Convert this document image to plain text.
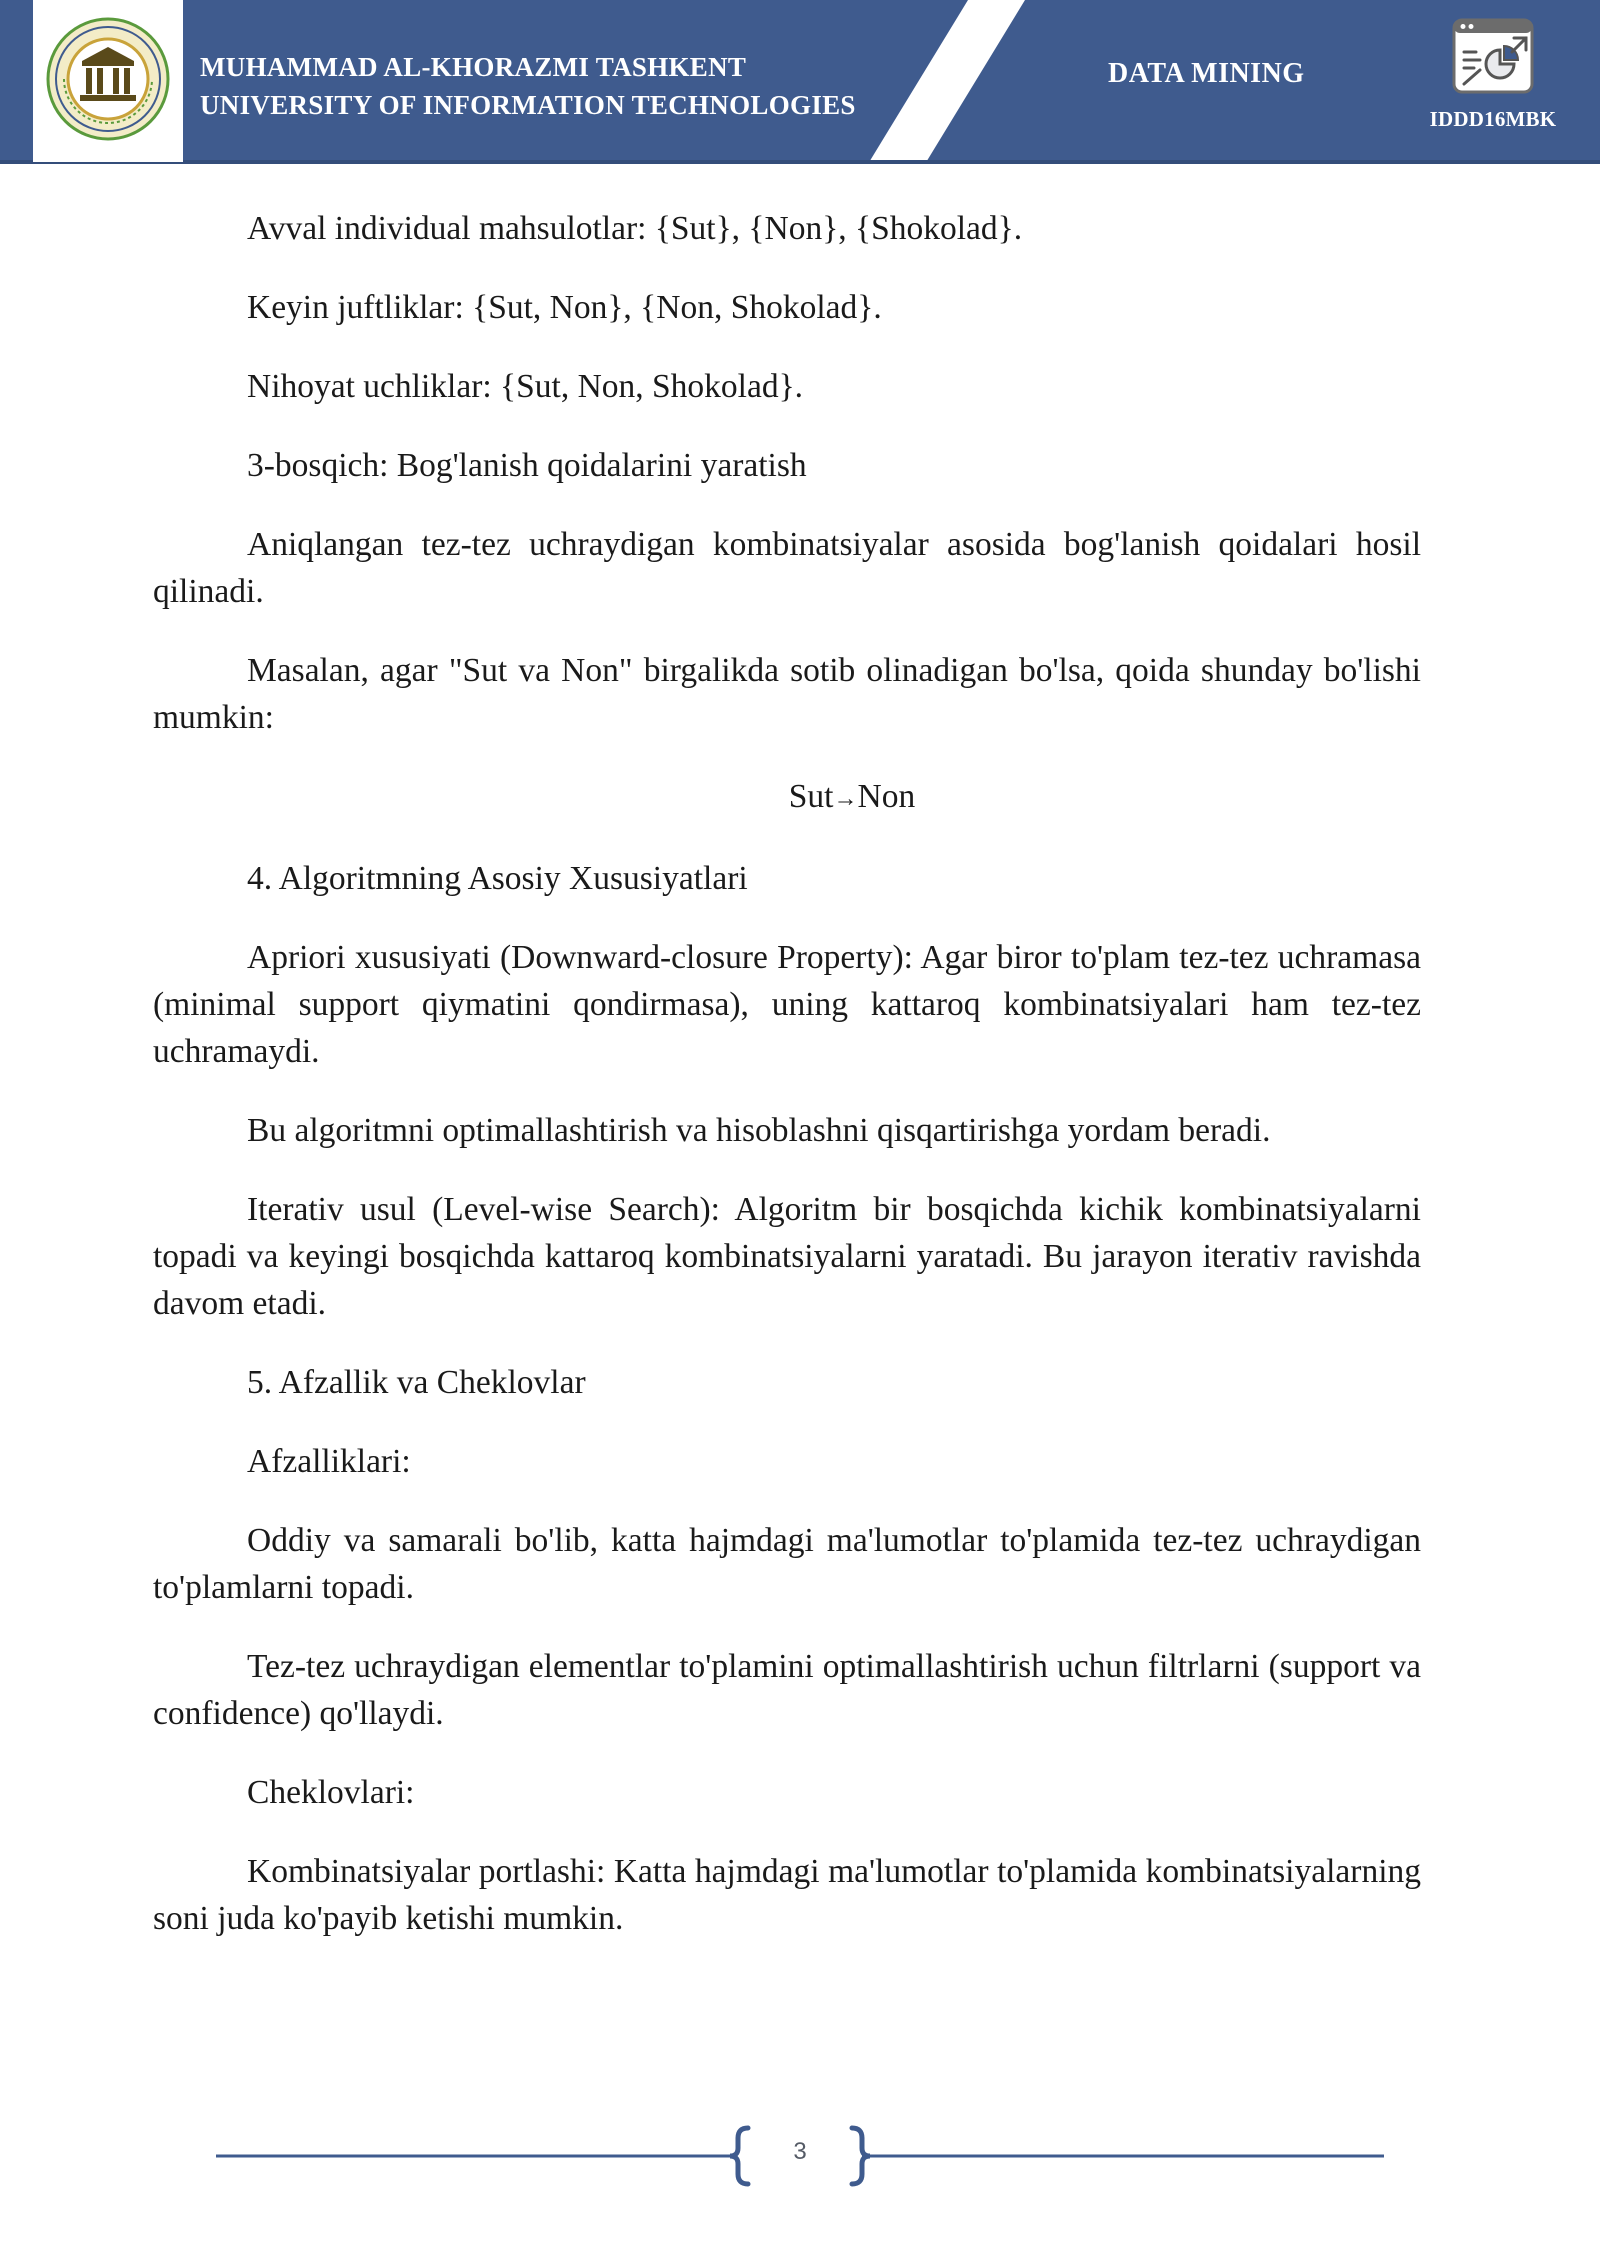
MUHAMMAD AL-KHORAZMI TASHKENT
UNIVERSITY OF INFORMATION TECHNOLOGIES
DATA MINING
IDDD16MBK

Avval individual mahsulotlar: {Sut}, {Non}, {Shokolad}.

Keyin juftliklar: {Sut, Non}, {Non, Shokolad}.

Nihoyat uchliklar: {Sut, Non, Shokolad}.

3-bosqich: Bog'lanish qoidalarini yaratish

Aniqlangan tez-tez uchraydigan kombinatsiyalar asosida bog'lanish qoidalari hosil qilinadi.

Masalan, agar "Sut va Non" birgalikda sotib olinadigan bo'lsa, qoida shunday bo'lishi mumkin:

Sut→Non

4. Algoritmning Asosiy Xususiyatlari

Apriori xususiyati (Downward-closure Property): Agar biror to'plam tez-tez uchramasa (minimal support qiymatini qondirmasa), uning kattaroq kombinatsiyalari ham tez-tez uchramaydi.

Bu algoritmni optimallashtirish va hisoblashni qisqartirishga yordam beradi.

Iterativ usul (Level-wise Search): Algoritm bir bosqichda kichik kombinatsiyalarni topadi va keyingi bosqichda kattaroq kombinatsiyalarni yaratadi. Bu jarayon iterativ ravishda davom etadi.

5. Afzallik va Cheklovlar

Afzalliklari:

Oddiy va samarali bo'lib, katta hajmdagi ma'lumotlar to'plamida tez-tez uchraydigan to'plamlarni topadi.

Tez-tez uchraydigan elementlar to'plamini optimallashtirish uchun filtrlarni (support va confidence) qo'llaydi.

Cheklovlari:

Kombinatsiyalar portlashi: Katta hajmdagi ma'lumotlar to'plamida kombinatsiyalarning soni juda ko'payib ketishi mumkin.

3
